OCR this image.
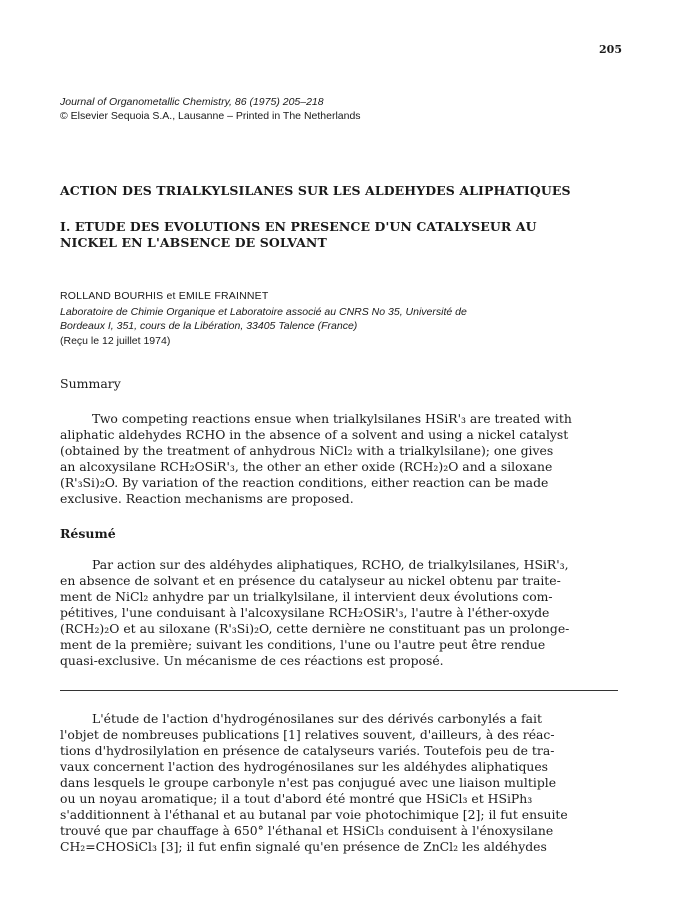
205
Journal of Organometallic Chemistry, 86 (1975) 205–218
© Elsevier Sequoia S.A., Lausanne – Printed in The Netherlands
ACTION DES TRIALKYLSILANES SUR LES ALDEHYDES ALIPHATIQUES
I. ETUDE DES EVOLUTIONS EN PRESENCE D'UN CATALYSEUR AU
NICKEL EN L'ABSENCE DE SOLVANT
ROLLAND BOURHIS et EMILE FRAINNET
Laboratoire de Chimie Organique et Laboratoire associé au CNRS No 35, Université de
Bordeaux I, 351, cours de la Libération, 33405 Talence (France)
(Reçu le 12 juillet 1974)
Summary
Two competing reactions ensue when trialkylsilanes HSiR'₃ are treated with
aliphatic aldehydes RCHO in the absence of a solvent and using a nickel catalyst
(obtained by the treatment of anhydrous NiCl₂ with a trialkylsilane); one gives
an alcoxysilane RCH₂OSiR'₃, the other an ether oxide (RCH₂)₂O and a siloxane
(R'₃Si)₂O. By variation of the reaction conditions, either reaction can be made
exclusive. Reaction mechanisms are proposed.
Résumé
Par action sur des aldéhydes aliphatiques, RCHO, de trialkylsilanes, HSiR'₃,
en absence de solvant et en présence du catalyseur au nickel obtenu par traite-
ment de NiCl₂ anhydre par un trialkylsilane, il intervient deux évolutions com-
pétitives, l'une conduisant à l'alcoxysilane RCH₂OSiR'₃, l'autre à l'éther-oxyde
(RCH₂)₂O et au siloxane (R'₃Si)₂O, cette dernière ne constituant pas un prolonge-
ment de la première; suivant les conditions, l'une ou l'autre peut être rendue
quasi-exclusive. Un mécanisme de ces réactions est proposé.
L'étude de l'action d'hydrogénosilanes sur des dérivés carbonylés a fait
l'objet de nombreuses publications [1] relatives souvent, d'ailleurs, à des réac-
tions d'hydrosilylation en présence de catalyseurs variés. Toutefois peu de tra-
vaux concernent l'action des hydrogénosilanes sur les aldéhydes aliphatiques
dans lesquels le groupe carbonyle n'est pas conjugué avec une liaison multiple
ou un noyau aromatique; il a tout d'abord été montré que HSiCl₃ et HSiPh₃
s'additionnent à l'éthanal et au butanal par voie photochimique [2]; il fut ensuite
trouvé que par chauffage à 650° l'éthanal et HSiCl₃ conduisent à l'énoxysilane
CH₂=CHOSiCl₃ [3]; il fut enfin signalé qu'en présence de ZnCl₂ les aldéhydes
